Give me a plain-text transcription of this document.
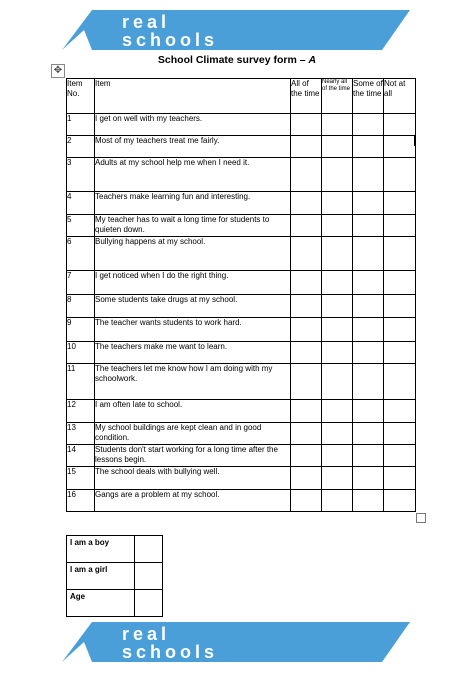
real
schools
School Climate survey form – A
✥
Item No.	Item	All of the time	Nearly all of the time	Some of the time	Not at all
1	I get on well with my teachers.				
2	Most of my teachers treat me fairly.				
3	Adults at my school help me when I need it.				
4	Teachers make learning fun and interesting.				
5	My teacher has to wait a long time for students to quieten down.				
6	Bullying happens at my school.				
7	I get noticed when I do the right thing.				
8	Some students take drugs at my school.				
9	The teacher wants students to work hard.				
10	The teachers make me want to learn.				
11	The teachers let me know how I am doing with my schoolwork.				
12	I am often late to school.				
13	My school buildings are kept clean and in good condition.				
14	Students don't start working for a long time after the lessons begin.				
15	The school deals with bullying well.				
16	Gangs are a problem at my school.				
I am a boy	
I am a girl	
Age	
real
schools
